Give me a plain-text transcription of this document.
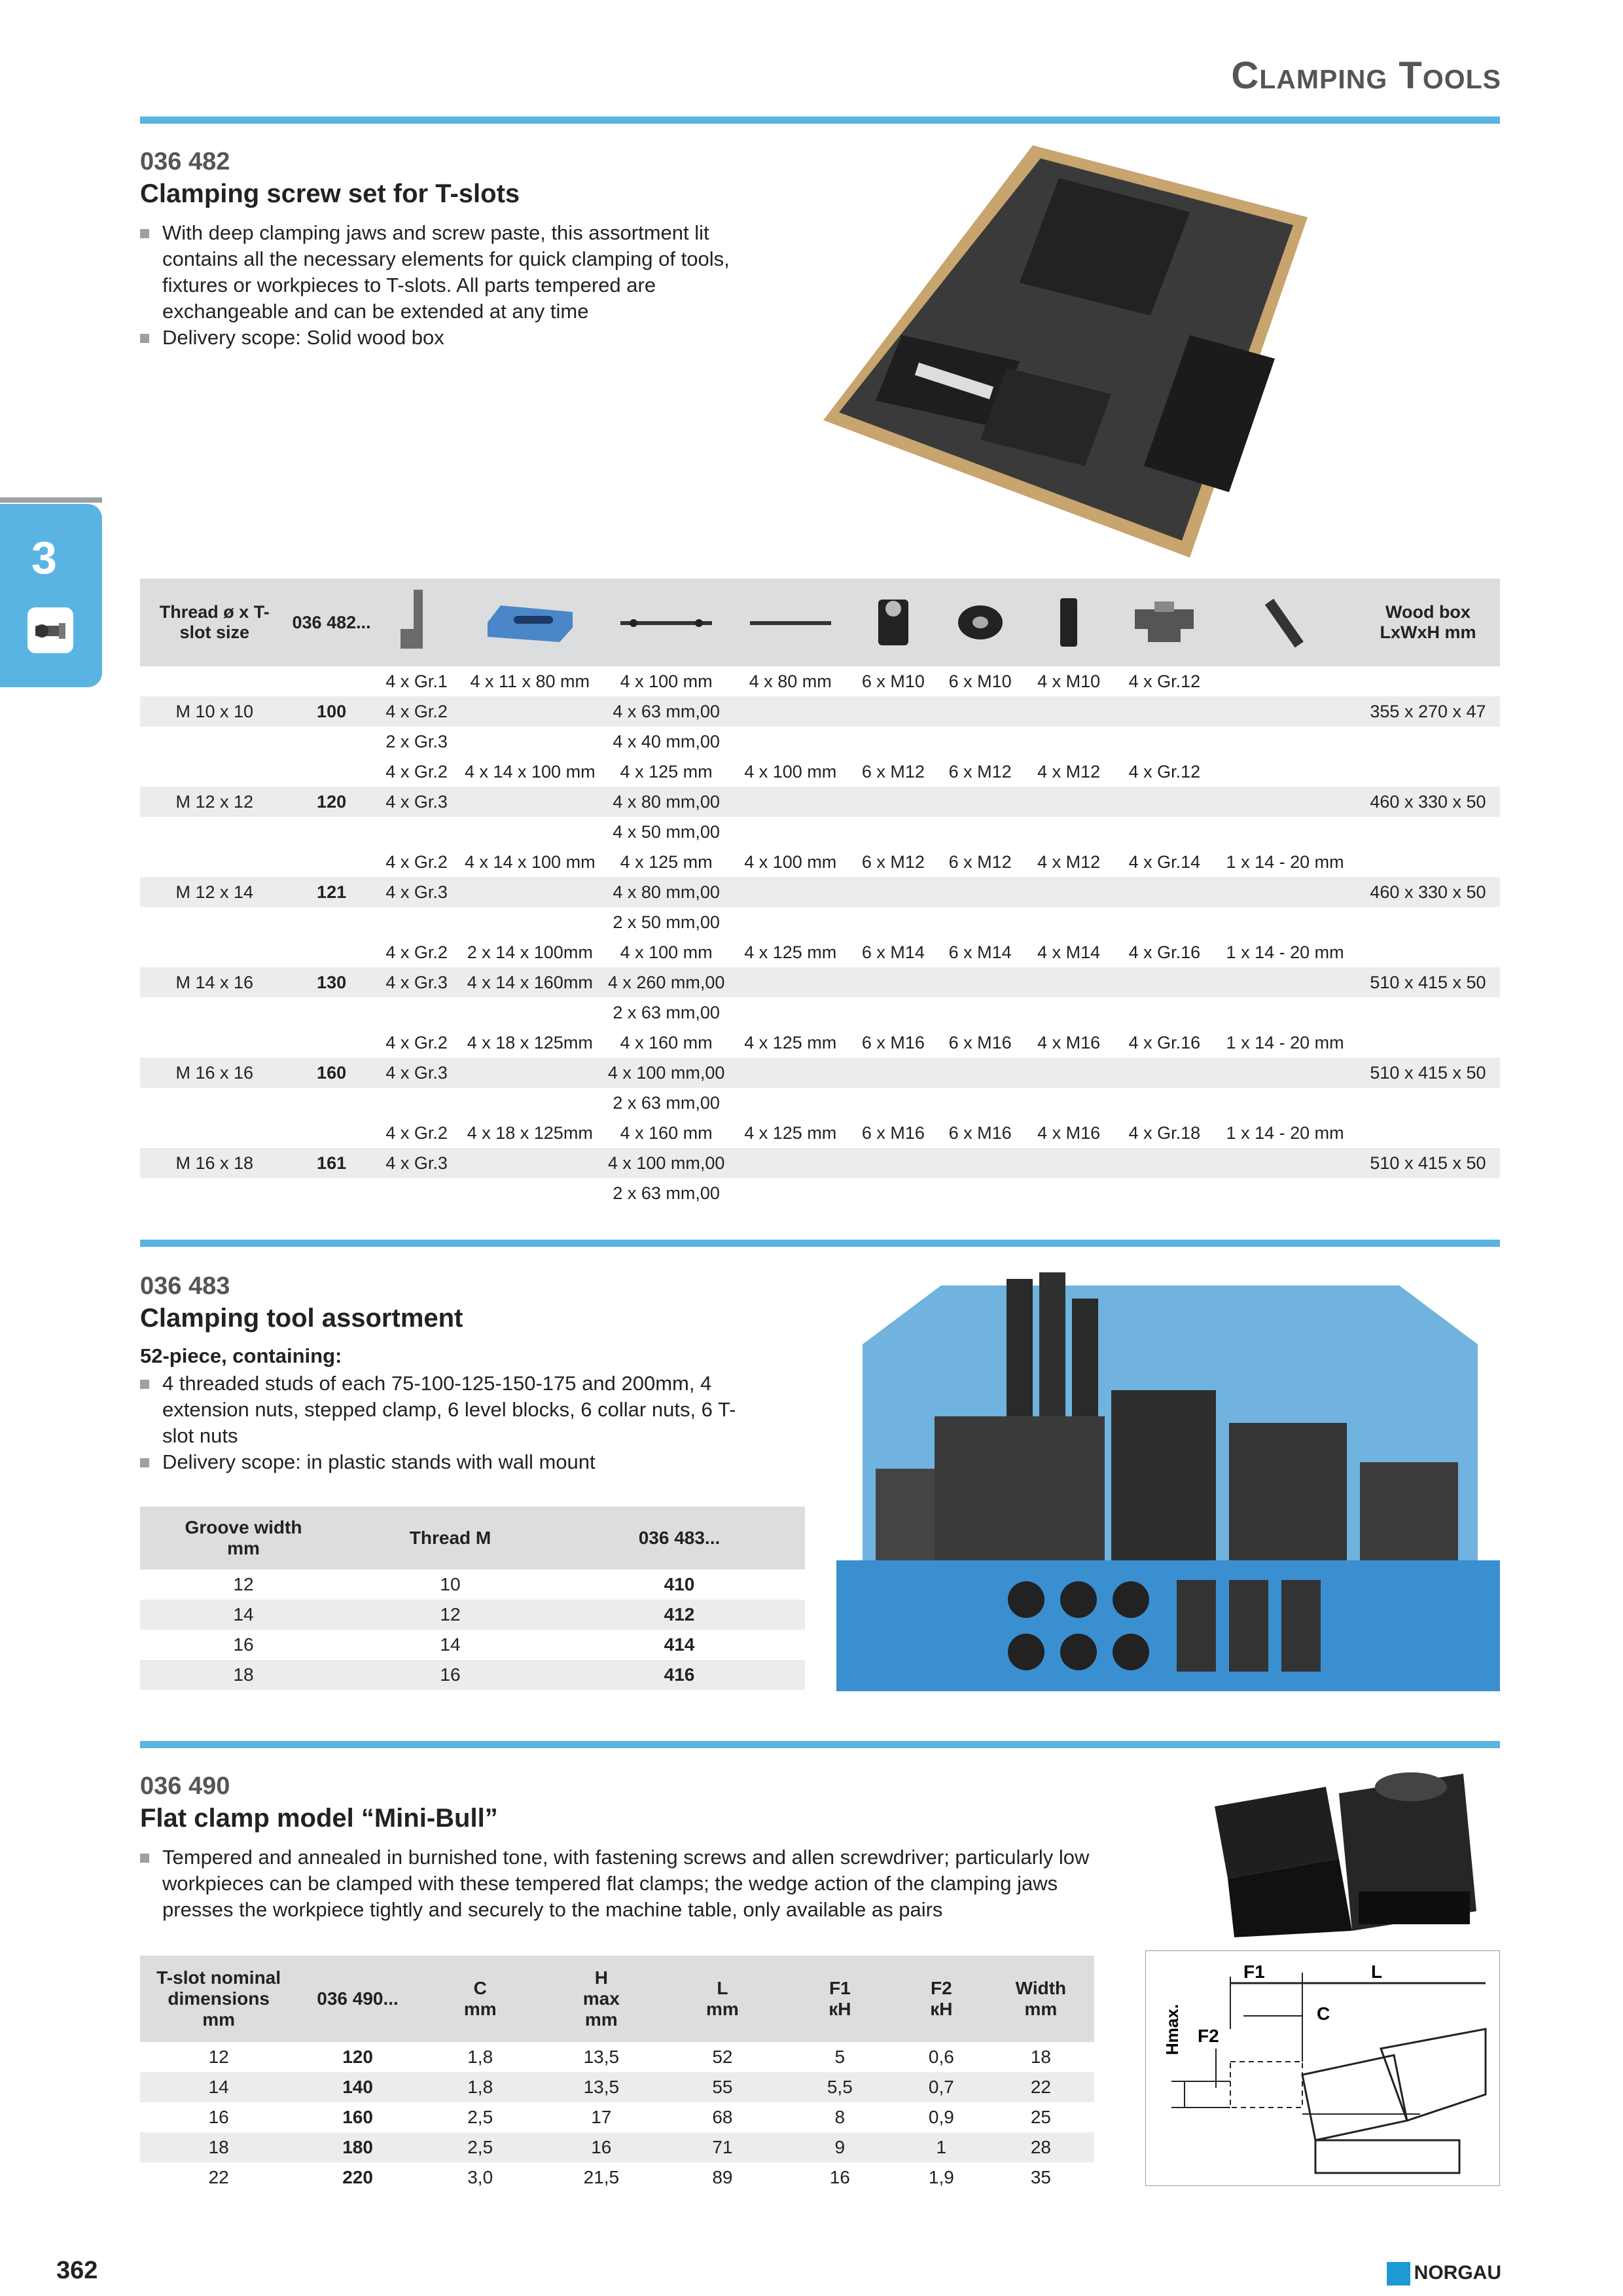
Clamping Tools
3
036 482
Clamping screw set for T-slots
With deep clamping jaws and screw paste, this assortment lit contains all the necessary elements for quick clamping of tools, fixtures or workpieces to T-slots. All parts tempered are exchangeable and can be extended at any time
Delivery scope: Solid wood box
Thread ø x T-slot size	036 482...										Wood box LxWxH mm
		4 x Gr.1	4 x 11 x 80 mm	4 x 100 mm	4 x 80 mm	6 x M10	6 x M10	4 x M10	4 x Gr.12		
M 10 x 10	100	4 x Gr.2		4 x 63 mm,00							355 x 270 x 47
		2 x Gr.3		4 x 40 mm,00							
		4 x Gr.2	4 x 14 x 100 mm	4 x 125 mm	4 x 100 mm	6 x M12	6 x M12	4 x M12	4 x Gr.12		
M 12 x 12	120	4 x Gr.3		4 x 80 mm,00							460 x 330 x 50
				4 x 50 mm,00							
		4 x Gr.2	4 x 14 x 100 mm	4 x 125 mm	4 x 100 mm	6 x M12	6 x M12	4 x M12	4 x Gr.14	1 x 14 - 20 mm	
M 12 x 14	121	4 x Gr.3		4 x 80 mm,00							460 x 330 x 50
				2 x 50 mm,00							
		4 x Gr.2	2 x 14 x 100mm	4 x 100 mm	4 x 125 mm	6 x M14	6 x M14	4 x M14	4 x Gr.16	1 x 14 - 20 mm	
M 14 x 16	130	4 x Gr.3	4 x 14 x 160mm	4 x 260 mm,00							510 x 415 x 50
				2 x 63 mm,00							
		4 x Gr.2	4 x 18 x 125mm	4 x 160 mm	4 x 125 mm	6 x M16	6 x M16	4 x M16	4 x Gr.16	1 x 14 - 20 mm	
M 16 x 16	160	4 x Gr.3		4 x 100 mm,00							510 x 415 x 50
				2 x 63 mm,00							
		4 x Gr.2	4 x 18 x 125mm	4 x 160 mm	4 x 125 mm	6 x M16	6 x M16	4 x M16	4 x Gr.18	1 x 14 - 20 mm	
M 16 x 18	161	4 x Gr.3		4 x 100 mm,00							510 x 415 x 50
				2 x 63 mm,00							
036 483
Clamping tool assortment
52-piece, containing:
4 threaded studs of each 75-100-125-150-175 and 200mm, 4 extension nuts, stepped clamp, 6 level blocks, 6 collar nuts, 6 T-slot nuts
Delivery scope: in plastic stands with wall mount
Groove width mm	Thread M	036 483...
12	10	410
14	12	412
16	14	414
18	16	416
036 490
Flat clamp model “Mini-Bull”
Tempered and annealed in burnished tone, with fastening screws and allen screwdriver; particularly low workpieces can be clamped with these tempered flat clamps; the wedge action of the clamping jaws presses the workpiece tightly and securely to the machine table, only available as pairs
T-slot nominal dimensions mm	036 490...	C mm	H max mm	L mm	F1 кН	F2 кН	Width mm
12	120	1,8	13,5	52	5	0,6	18
14	140	1,8	13,5	55	5,5	0,7	22
16	160	2,5	17	68	8	0,9	25
18	180	2,5	16	71	9	1	28
22	220	3,0	21,5	89	16	1,9	35
F1	L
C
F2
Hmax.
362	NORGAU
